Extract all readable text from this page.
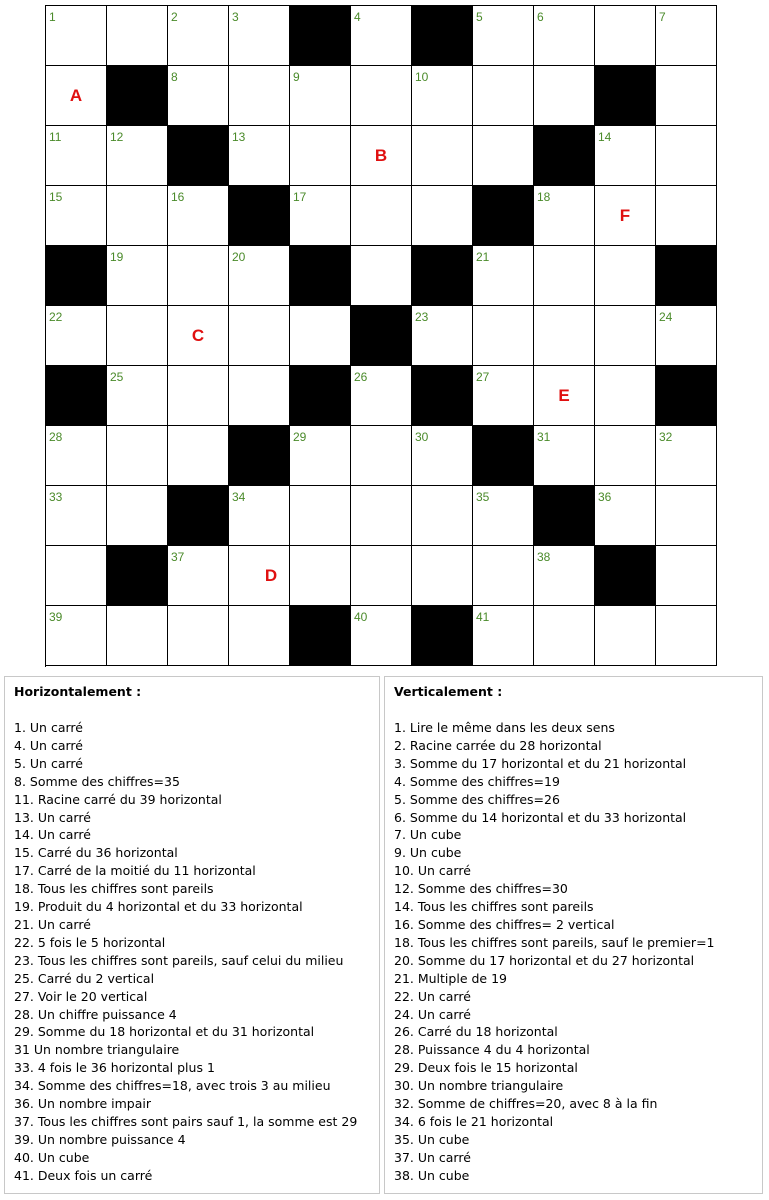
1	2	3	4	5	6	7
A
8	9	10
11	12	13
B
14
15	16	17	18
F
19	20	21
22
C
23	24
25	26	27
E
28	29	30	31	32
33	34	35	36
37
D
38
39	40	41
Horizontalement :
1. Un carré
4. Un carré
5. Un carré
8. Somme des chiffres=35
11. Racine carré du 39 horizontal
13. Un carré
14. Un carré
15. Carré du 36 horizontal
17. Carré de la moitié du 11 horizontal
18. Tous les chiffres sont pareils
19. Produit du 4 horizontal et du 33 horizontal
21. Un carré
22. 5 fois le 5 horizontal
23. Tous les chiffres sont pareils, sauf celui du milieu
25. Carré du 2 vertical
27. Voir le 20 vertical
28. Un chiffre puissance 4
29. Somme du 18 horizontal et du 31 horizontal
31 Un nombre triangulaire
33. 4 fois le 36 horizontal plus 1
34. Somme des chiffres=18, avec trois 3 au milieu
36. Un nombre impair
37. Tous les chiffres sont pairs sauf 1, la somme est 29
39. Un nombre puissance 4
40. Un cube
41. Deux fois un carré
Verticalement :
1. Lire le même dans les deux sens
2. Racine carrée du 28 horizontal
3. Somme du 17 horizontal et du 21 horizontal
4. Somme des chiffres=19
5. Somme des chiffres=26
6. Somme du 14 horizontal et du 33 horizontal
7. Un cube
9. Un cube
10. Un carré
12. Somme des chiffres=30
14. Tous les chiffres sont pareils
16. Somme des chiffres= 2 vertical
18. Tous les chiffres sont pareils, sauf le premier=1
20. Somme du 17 horizontal et du 27 horizontal
21. Multiple de 19
22. Un carré
24. Un carré
26. Carré du 18 horizontal
28. Puissance 4 du 4 horizontal
29. Deux fois le 15 horizontal
30. Un nombre triangulaire
32. Somme de chiffres=20, avec 8 à la fin
34. 6 fois le 21 horizontal
35. Un cube
37. Un carré
38. Un cube
